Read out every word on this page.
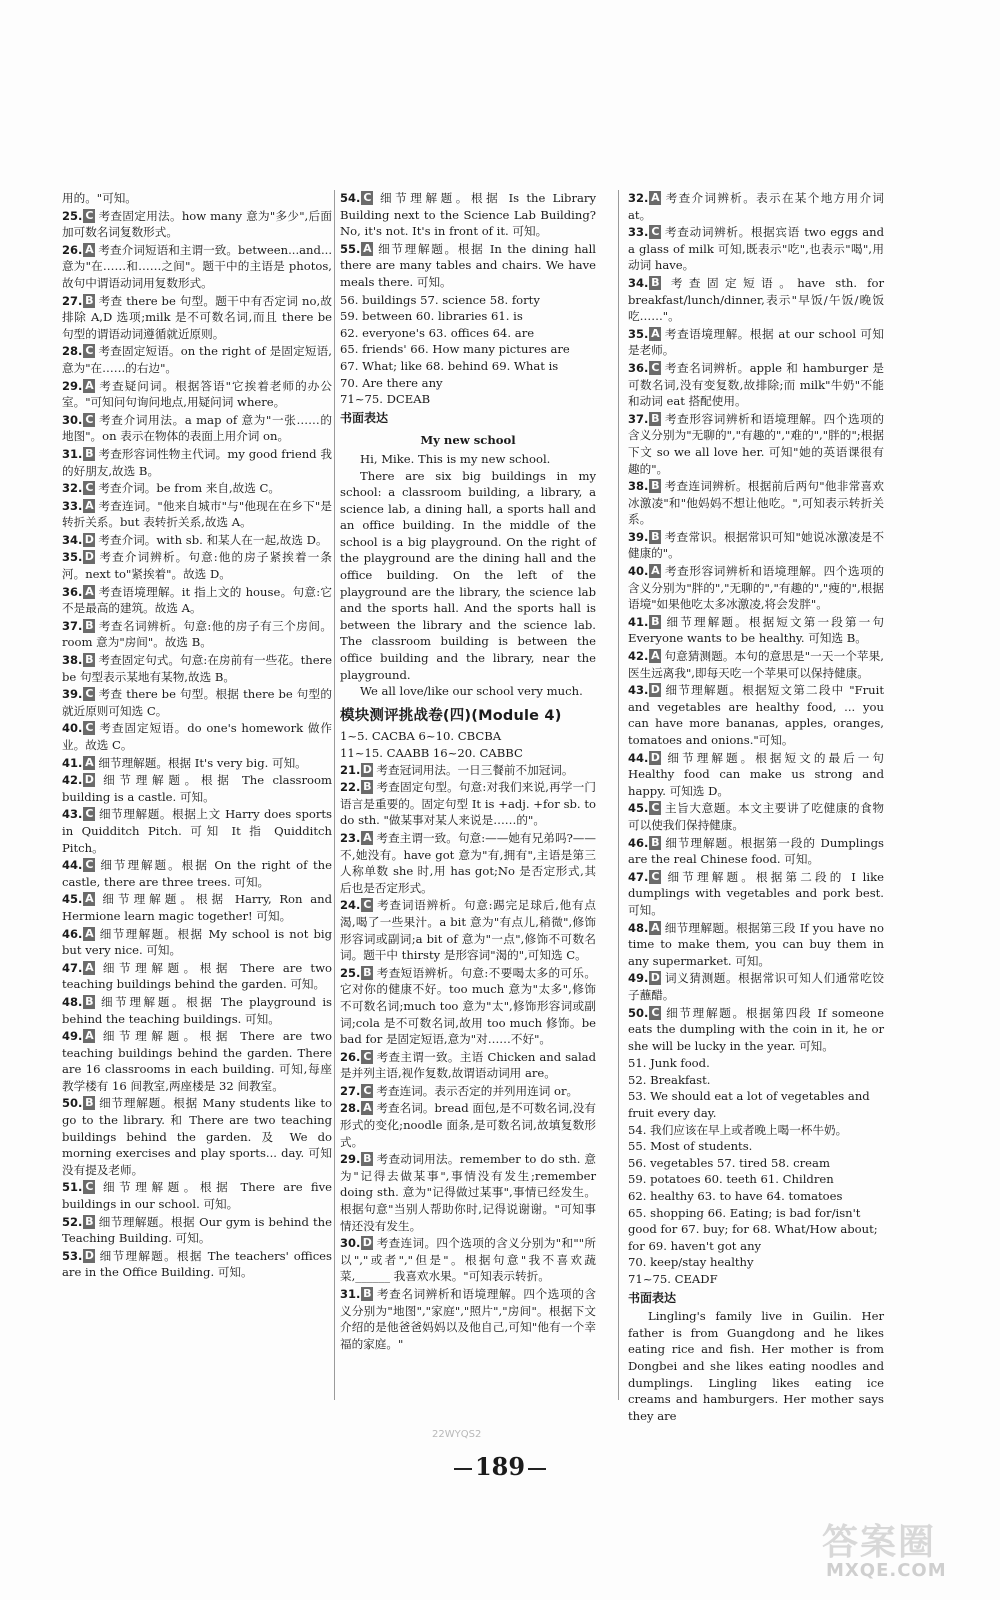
用的。"可知。
25. C 考查固定用法。how many 意为"多少",后面加可数名词复数形式。
26. A 考查介词短语和主谓一致。between...and... 意为"在……和……之间"。题干中的主语是 photos,故句中谓语动词用复数形式。
27. B 考查 there be 句型。题干中有否定词 no,故排除 A,D 选项;milk 是不可数名词,而且 there be 句型的谓语动词遵循就近原则。
28. C 考查固定短语。on the right of 是固定短语,意为"在……的右边"。
29. A 考查疑问词。根据答语"它挨着老师的办公室。"可知问句询问地点,用疑问词 where。
30. C 考查介词用法。a map of 意为"一张……的地图"。on 表示在物体的表面上用介词 on。
31. B 考查形容词性物主代词。my good friend 我的好朋友,故选 B。
32. C 考查介词。be from 来自,故选 C。
33. A 考查连词。"他来自城市"与"他现在在乡下"是转折关系。but 表转折关系,故选 A。
34. D 考查介词。with sb. 和某人在一起,故选 D。
35. D 考查介词辨析。句意:他的房子紧挨着一条河。next to"紧挨着"。故选 D。
36. A 考查语境理解。it 指上文的 house。句意:它不是最高的建筑。故选 A。
37. B 考查名词辨析。句意:他的房子有三个房间。room 意为"房间"。故选 B。
38. B 考查固定句式。句意:在房前有一些花。there be 句型表示某地有某物,故选 B。
39. C 考查 there be 句型。根据 there be 句型的就近原则可知选 C。
40. C 考查固定短语。do one's homework 做作业。故选 C。
41. A 细节理解题。根据 It's very big. 可知。
42. D 细节理解题。根据 The classroom building is a castle. 可知。
43. C 细节理解题。根据上文 Harry does sports in Quidditch Pitch. 可知 It 指 Quidditch Pitch。
44. C 细节理解题。根据 On the right of the castle, there are three trees. 可知。
45. A 细节理解题。根据 Harry, Ron and Hermione learn magic together! 可知。
46. A 细节理解题。根据 My school is not big but very nice. 可知。
47. A 细节理解题。根据 There are two teaching buildings behind the garden. 可知。
48. B 细节理解题。根据 The playground is behind the teaching buildings. 可知。
49. A 细节理解题。根据 There are two teaching buildings behind the garden. There are 16 classrooms in each building. 可知,每座教学楼有 16 间教室,两座楼是 32 间教室。
50. B 细节理解题。根据 Many students like to go to the library. 和 There are two teaching buildings behind the garden. 及 We do morning exercises and play sports... day. 可知没有提及老师。
51. C 细节理解题。根据 There are five buildings in our school. 可知。
52. B 细节理解题。根据 Our gym is behind the Teaching Building. 可知。
53. D 细节理解题。根据 The teachers' offices are in the Office Building. 可知。
54. C 细节理解题。根据 Is the Library Building next to the Science Lab Building? No, it's not. It's in front of it. 可知。
55. A 细节理解题。根据 In the dining hall there are many tables and chairs. We have meals there. 可知。
56. buildings 57. science 58. forty
59. between 60. libraries 61. is
62. everyone's 63. offices 64. are
65. friends' 66. How many pictures are
67. What; like 68. behind 69. What is
70. Are there any
71~75. DCEAB
书面表达
My new school

Hi, Mike. This is my new school.

There are six big buildings in my school: a classroom building, a library, a science lab, a dining hall, a sports hall and an office building. In the middle of the school is a big playground. On the right of the playground are the dining hall and the office building. On the left of the playground are the library, the science lab and the sports hall. And the sports hall is between the library and the science lab. The classroom building is between the office building and the library, near the playground.

We all love/like our school very much.

模块测评挑战卷(四)(Module 4)
1~5. CACBA 6~10. CBCBA
11~15. CAABB 16~20. CABBC
21. D 考查冠词用法。一日三餐前不加冠词。
22. B 考查固定句型。句意:对我们来说,再学一门语言是重要的。固定句型 It is +adj. +for sb. to do sth. "做某事对某人来说是……的"。
23. A 考查主谓一致。句意:——她有兄弟吗?——不,她没有。have got 意为"有,拥有",主语是第三人称单数 she 时,用 has got;No 是否定形式,其后也是否定形式。
24. C 考查词语辨析。句意:踢完足球后,他有点渴,喝了一些果汁。a bit 意为"有点儿,稍微",修饰形容词或副词;a bit of 意为"一点",修饰不可数名词。题干中 thirsty 是形容词"渴的",可知选 C。
25. B 考查短语辨析。句意:不要喝太多的可乐。它对你的健康不好。too much 意为"太多",修饰不可数名词;much too 意为"太",修饰形容词或副词;cola 是不可数名词,故用 too much 修饰。be bad for 是固定短语,意为"对……不好"。
26. C 考查主谓一致。主语 Chicken and salad 是并列主语,视作复数,故谓语动词用 are。
27. C 考查连词。表示否定的并列用连词 or。
28. A 考查名词。bread 面包,是不可数名词,没有形式的变化;noodle 面条,是可数名词,故填复数形式。
29. B 考查动词用法。remember to do sth. 意为"记得去做某事",事情没有发生;remember doing sth. 意为"记得做过某事",事情已经发生。根据句意"当别人帮助你时,记得说谢谢。"可知事情还没有发生。
30. D 考查连词。四个选项的含义分别为"和""所以","或者","但是"。根据句意"我不喜欢蔬菜,______ 我喜欢水果。"可知表示转折。
31. B 考查名词辨析和语境理解。四个选项的含义分别为"地图","家庭","照片","房间"。根据下文介绍的是他爸爸妈妈以及他自己,可知"他有一个幸福的家庭。"
32. A 考查介词辨析。表示在某个地方用介词 at。
33. C 考查动词辨析。根据宾语 two eggs and a glass of milk 可知,既表示"吃",也表示"喝",用动词 have。
34. B 考查固定短语。have sth. for breakfast/lunch/dinner,表示"早饭/午饭/晚饭吃……"。
35. A 考查语境理解。根据 at our school 可知是老师。
36. C 考查名词辨析。apple 和 hamburger 是可数名词,没有变复数,故排除;而 milk"牛奶"不能和动词 eat 搭配使用。
37. B 考查形容词辨析和语境理解。四个选项的含义分别为"无聊的","有趣的","难的","胖的";根据下文 so we all love her. 可知"她的英语课很有趣的"。
38. B 考查连词辨析。根据前后两句"他非常喜欢冰激凌"和"他妈妈不想让他吃。",可知表示转折关系。
39. B 考查常识。根据常识可知"她说冰激凌是不健康的"。
40. A 考查形容词辨析和语境理解。四个选项的含义分别为"胖的","无聊的","有趣的","瘦的",根据语境"如果他吃太多冰激凌,将会发胖"。
41. B 细节理解题。根据短文第一段第一句 Everyone wants to be healthy. 可知选 B。
42. A 句意猜测题。本句的意思是"一天一个苹果,医生远离我",即每天吃一个苹果可以保持健康。
43. D 细节理解题。根据短文第二段中 "Fruit and vegetables are healthy food, ... you can have more bananas, apples, oranges, tomatoes and onions."可知。
44. D 细节理解题。根据短文的最后一句 Healthy food can make us strong and happy. 可知选 D。
45. C 主旨大意题。本文主要讲了吃健康的食物可以使我们保持健康。
46. B 细节理解题。根据第一段的 Dumplings are the real Chinese food. 可知。
47. C 细节理解题。根据第二段的 I like dumplings with vegetables and pork best. 可知。
48. A 细节理解题。根据第三段 If you have no time to make them, you can buy them in any supermarket. 可知。
49. D 词义猜测题。根据常识可知人们通常吃饺子蘸醋。
50. C 细节理解题。根据第四段 If someone eats the dumpling with the coin in it, he or she will be lucky in the year. 可知。
51. Junk food.
52. Breakfast.
53. We should eat a lot of vegetables and fruit every day.
54. 我们应该在早上或者晚上喝一杯牛奶。
55. Most of students.
56. vegetables 57. tired 58. cream
59. potatoes 60. teeth 61. Children
62. healthy 63. to have 64. tomatoes
65. shopping 66. Eating; is bad for/isn't good for 67. buy; for 68. What/How about; for 69. haven't got any
70. keep/stay healthy
71~75. CEADF
书面表达

Lingling's family live in Guilin. Her father is from Guangdong and he likes eating rice and fish. Her mother is from Dongbei and she likes eating noodles and dumplings. Lingling likes eating ice creams and hamburgers. Her mother says they are

22WYQS2
189
答案圈
MXQE.COM
